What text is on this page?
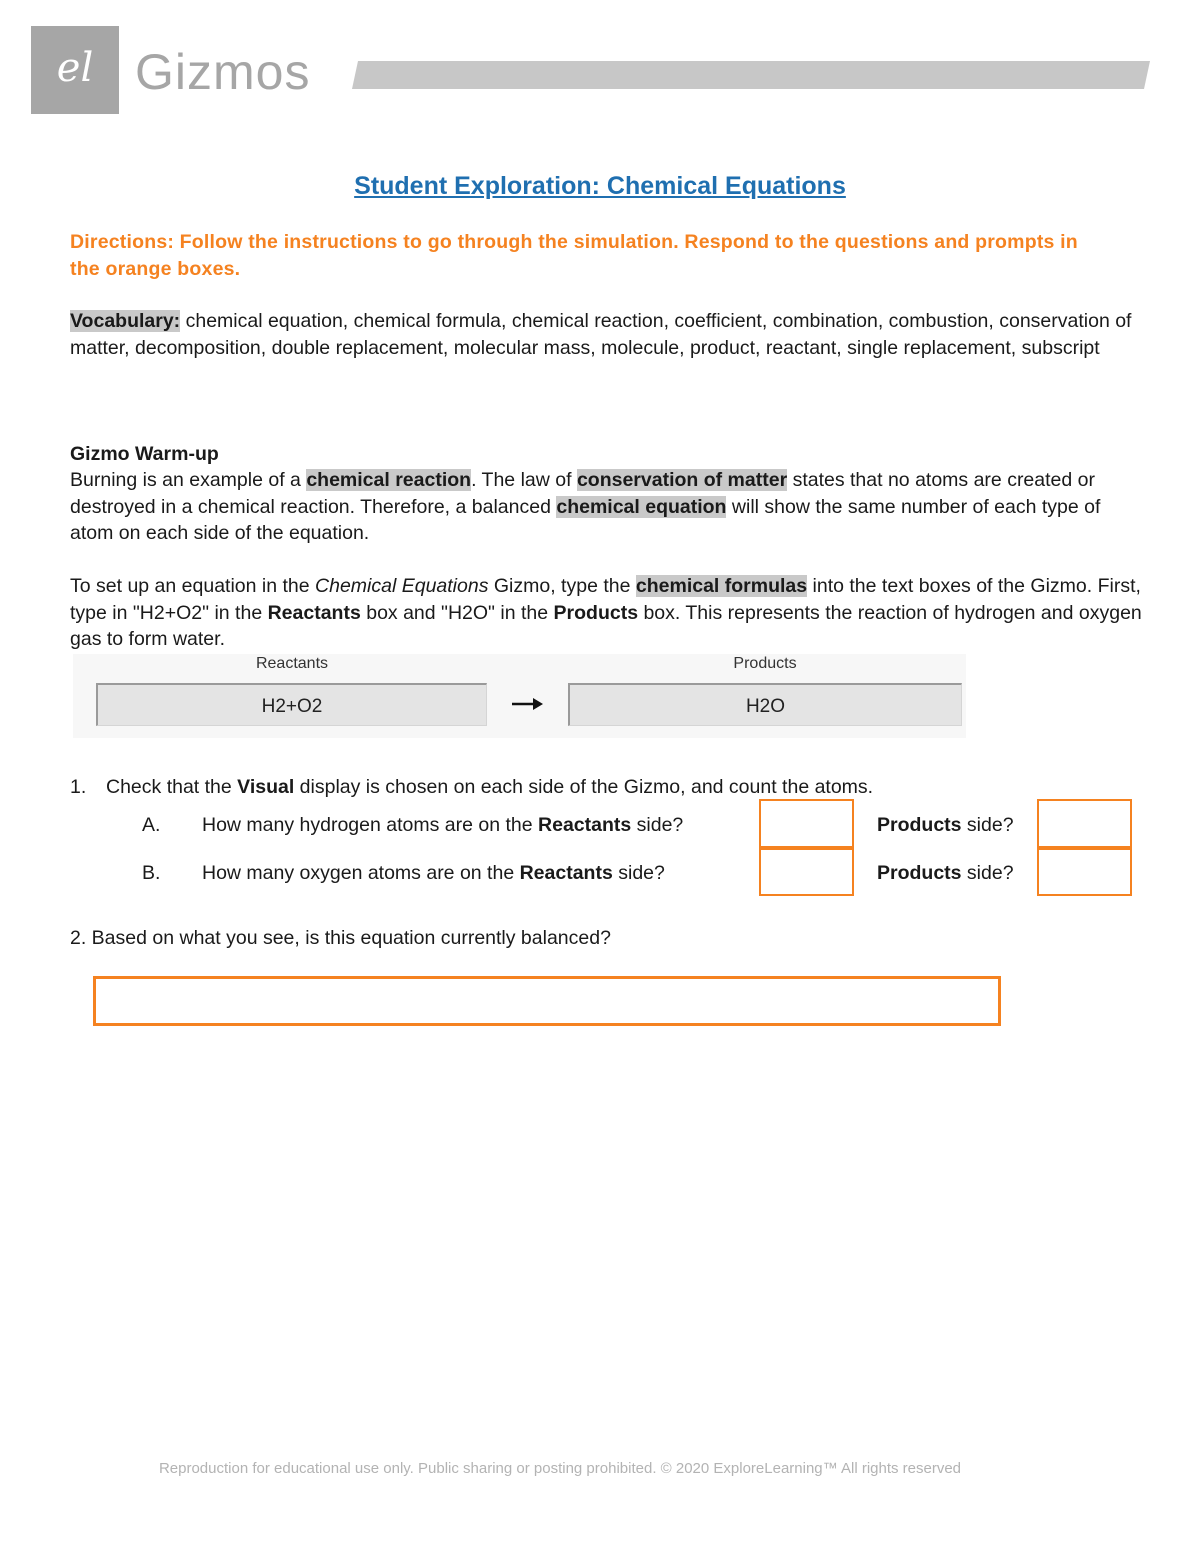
el Gizmos
Student Exploration: Chemical Equations
Directions: Follow the instructions to go through the simulation. Respond to the questions and prompts in the orange boxes.
Vocabulary: chemical equation, chemical formula, chemical reaction, coefficient, combination, combustion, conservation of matter, decomposition, double replacement, molecular mass, molecule, product, reactant, single replacement, subscript
Gizmo Warm-up
Burning is an example of a chemical reaction. The law of conservation of matter states that no atoms are created or destroyed in a chemical reaction. Therefore, a balanced chemical equation will show the same number of each type of atom on each side of the equation.
To set up an equation in the Chemical Equations Gizmo, type the chemical formulas into the text boxes of the Gizmo. First, type in "H2+O2" in the Reactants box and "H2O" in the Products box. This represents the reaction of hydrogen and oxygen gas to form water.
Reactants	Products
H2+O2	H2O
1. Check that the Visual display is chosen on each side of the Gizmo, and count the atoms.
A. How many hydrogen atoms are on the Reactants side?	Products side?
B. How many oxygen atoms are on the Reactants side?	Products side?
2. Based on what you see, is this equation currently balanced?
Reproduction for educational use only. Public sharing or posting prohibited. © 2020 ExploreLearning™ All rights reserved
